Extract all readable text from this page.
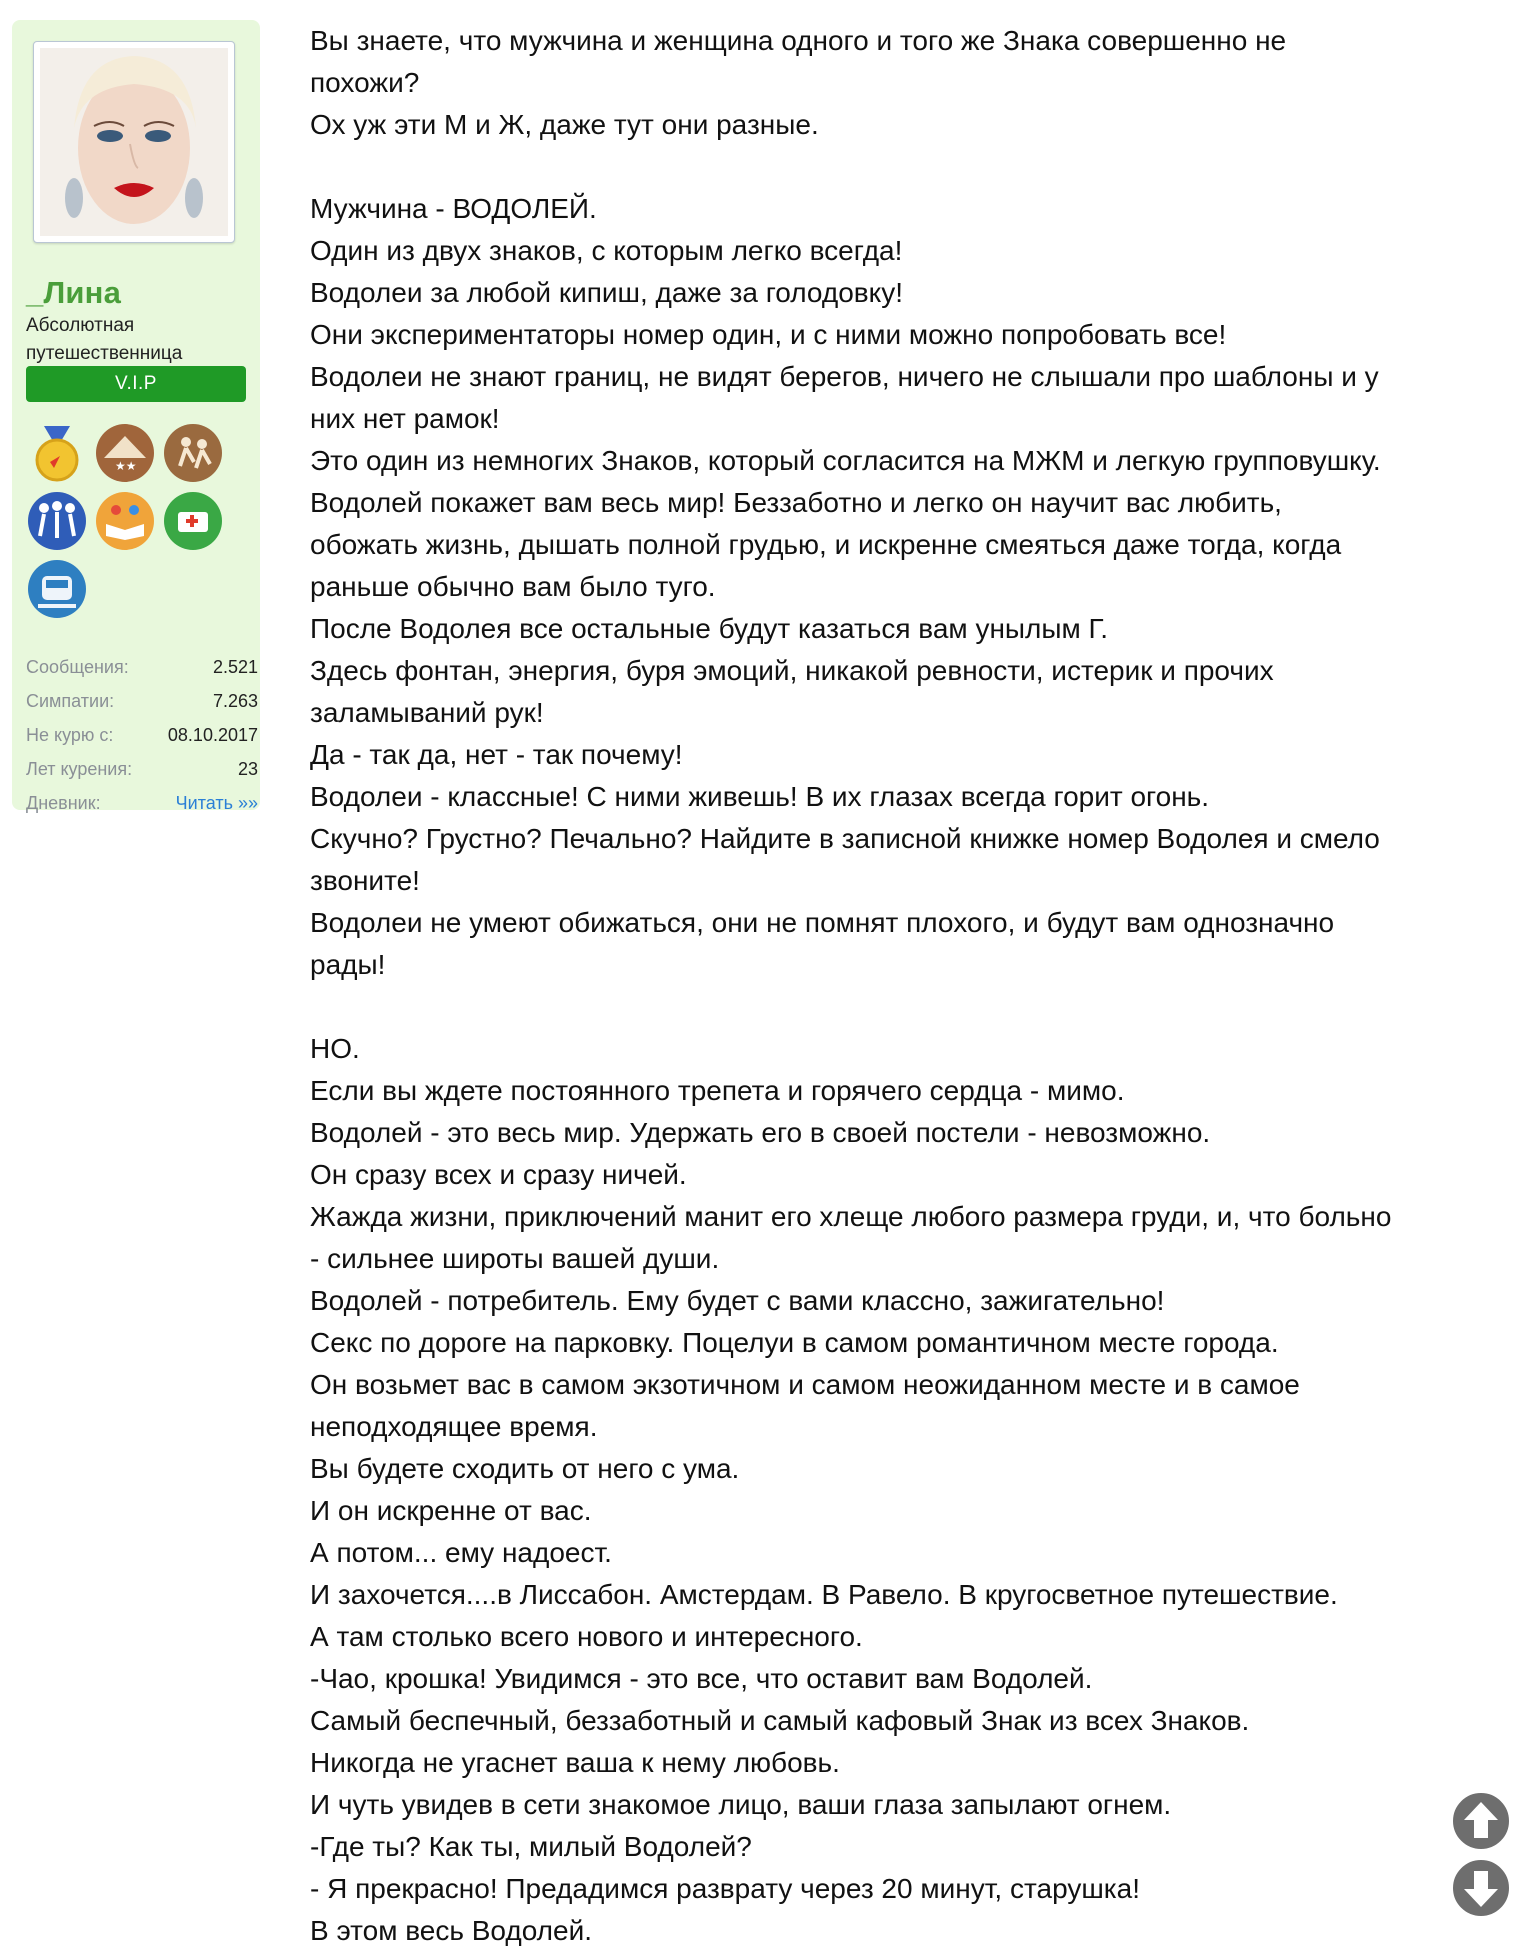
_Лина
Абсолютная путешественница
V.I.P
★★
Сообщения:	2.521
Симпатии:	7.263
Не курю с:	08.10.2017
Лет курения:	23
Дневник:	Читать »»
Вы знаете, что мужчина и женщина одного и того же Знака совершенно не
похожи?
Ох уж эти М и Ж, даже тут они разные.
Мужчина - ВОДОЛЕЙ.
Один из двух знаков, с которым легко всегда!
Водолеи за любой кипиш, даже за голодовку!
Они экспериментаторы номер один, и с ними можно попробовать все!
Водолеи не знают границ, не видят берегов, ничего не слышали про шаблоны и у
них нет рамок!
Это один из немногих Знаков, который согласится на МЖМ и легкую групповушку.
Водолей покажет вам весь мир! Беззаботно и легко он научит вас любить,
обожать жизнь, дышать полной грудью, и искренне смеяться даже тогда, когда
раньше обычно вам было туго.
После Водолея все остальные будут казаться вам унылым Г.
Здесь фонтан, энергия, буря эмоций, никакой ревности, истерик и прочих
заламываний рук!
Да - так да, нет - так почему!
Водолеи - классные! С ними живешь! В их глазах всегда горит огонь.
Скучно? Грустно? Печально? Найдите в записной книжке номер Водолея и смело
звоните!
Водолеи не умеют обижаться, они не помнят плохого, и будут вам однозначно
рады!
НО.
Если вы ждете постоянного трепета и горячего сердца - мимо.
Водолей - это весь мир. Удержать его в своей постели - невозможно.
Он сразу всех и сразу ничей.
Жажда жизни, приключений манит его хлеще любого размера груди, и, что больно
- сильнее широты вашей души.
Водолей - потребитель. Ему будет с вами классно, зажигательно!
Секс по дороге на парковку. Поцелуи в самом романтичном месте города.
Он возьмет вас в самом экзотичном и самом неожиданном месте и в самое
неподходящее время.
Вы будете сходить от него с ума.
И он искренне от вас.
А потом... ему надоест.
И захочется....в Лиссабон. Амстердам. В Равело. В кругосветное путешествие.
А там столько всего нового и интересного.
-Чао, крошка! Увидимся - это все, что оставит вам Водолей.
Самый беспечный, беззаботный и самый кафовый Знак из всех Знаков.
Никогда не угаснет ваша к нему любовь.
И чуть увидев в сети знакомое лицо, ваши глаза запылают огнем.
-Где ты? Как ты, милый Водолей?
- Я прекрасно! Предадимся разврату через 20 минут, старушка!
В этом весь Водолей.
